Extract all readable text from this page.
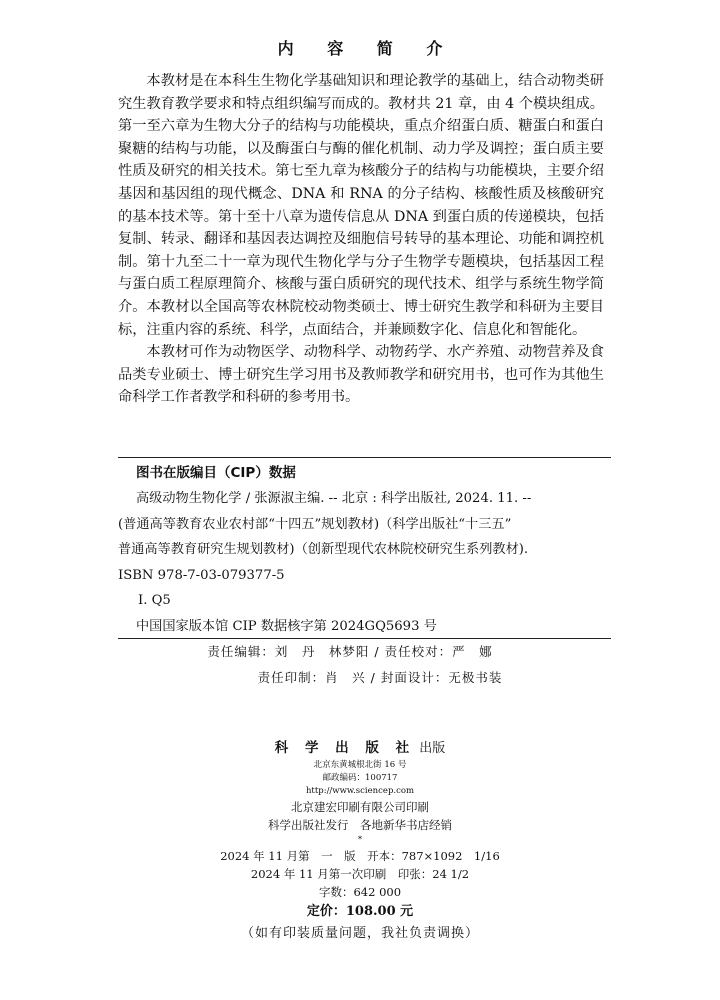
内 容 简 介

本教材是在本科生生物化学基础知识和理论教学的基础上，结合动物类研究生教育教学要求和特点组织编写而成的。教材共 21 章，由 4 个模块组成。第一至六章为生物大分子的结构与功能模块，重点介绍蛋白质、糖蛋白和蛋白聚糖的结构与功能，以及酶蛋白与酶的催化机制、动力学及调控；蛋白质主要性质及研究的相关技术。第七至九章为核酸分子的结构与功能模块，主要介绍基因和基因组的现代概念、DNA 和 RNA 的分子结构、核酸性质及核酸研究的基本技术等。第十至十八章为遗传信息从 DNA 到蛋白质的传递模块，包括复制、转录、翻译和基因表达调控及细胞信号转导的基本理论、功能和调控机制。第十九至二十一章为现代生物化学与分子生物学专题模块，包括基因工程与蛋白质工程原理简介、核酸与蛋白质研究的现代技术、组学与系统生物学简介。本教材以全国高等农林院校动物类硕士、博士研究生教学和科研为主要目标，注重内容的系统、科学，点面结合，并兼顾数字化、信息化和智能化。

本教材可作为动物医学、动物科学、动物药学、水产养殖、动物营养及食品类专业硕士、博士研究生学习用书及教师教学和研究用书，也可作为其他生命科学工作者教学和科研的参考用书。

图书在版编目（CIP）数据
高级动物生物化学 / 张源淑主编. -- 北京 : 科学出版社, 2024. 11. --
(普通高等教育农业农村部“十四五”规划教材)（科学出版社“十三五”
普通高等教育研究生规划教材)（创新型现代农林院校研究生系列教材).
ISBN 978-7-03-079377-5
Ⅰ. Q5
中国国家版本馆 CIP 数据核字第 2024GQ5693 号
责任编辑：刘　丹　林梦阳 / 责任校对：严　娜
责任印制：肖　兴 / 封面设计：无极书装
科 学 出 版 社 出版
北京东黄城根北街 16 号
邮政编码：100717
http://www.sciencep.com
北京建宏印刷有限公司印刷
科学出版社发行　各地新华书店经销
*
2024 年 11 月第　一　版　开本：787×1092　1/16
2024 年 11 月第一次印刷　印张：24 1/2
字数：642 000
定价：108.00 元
（如有印装质量问题，我社负责调换）
